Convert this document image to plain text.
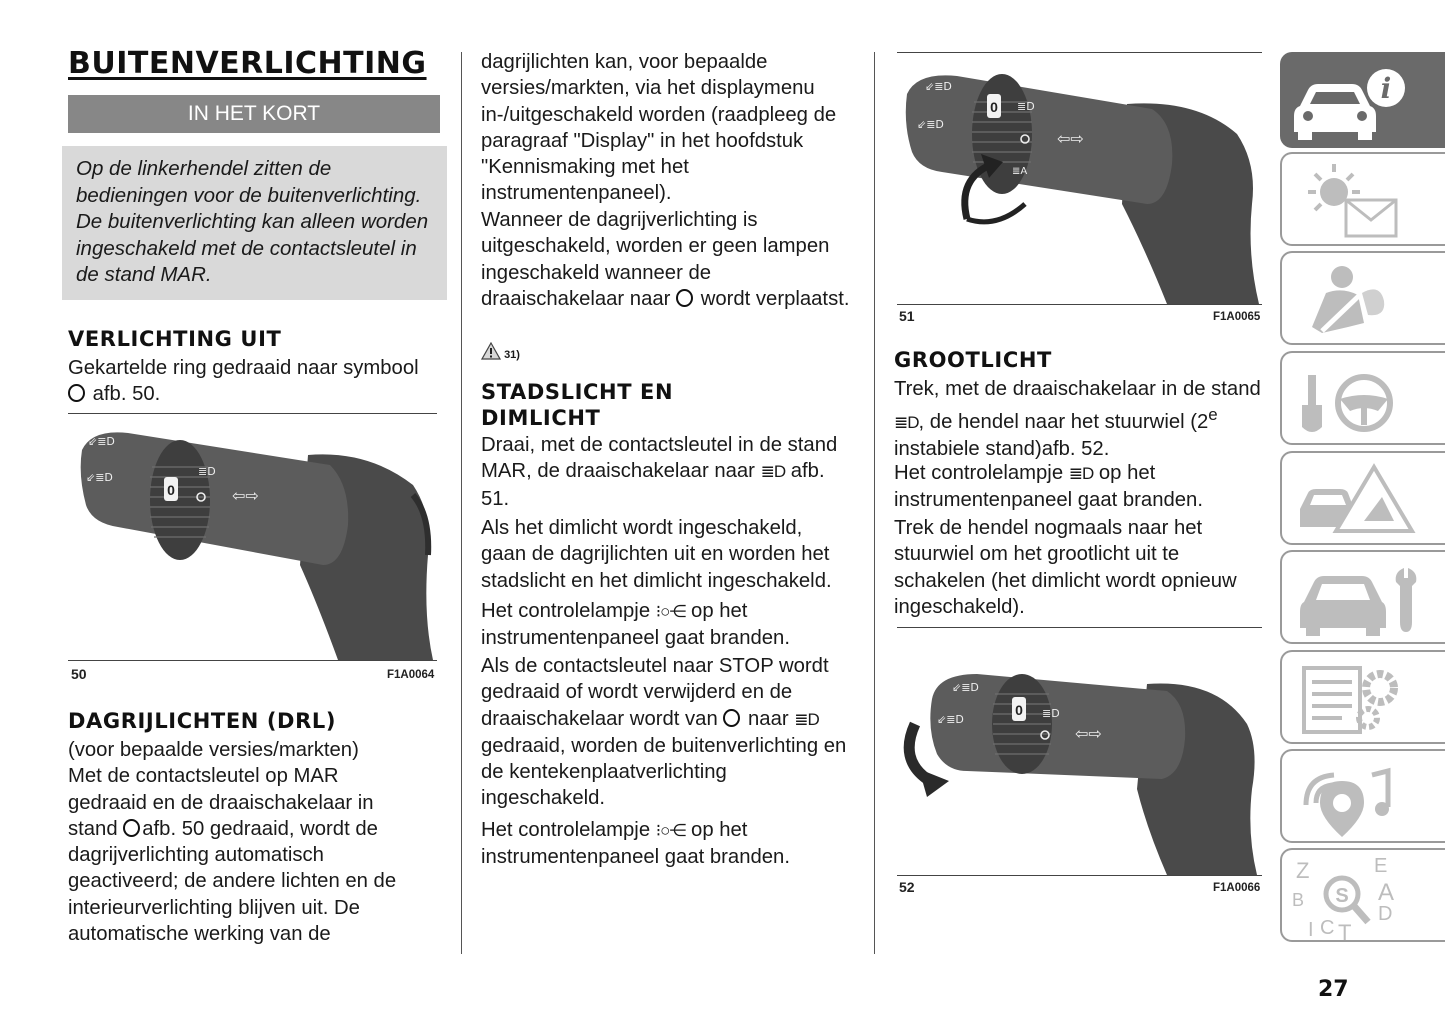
BUITENVERLICHTING
IN HET KORT
Op de linkerhendel zitten de bedieningen voor de buitenverlichting. De buitenverlichting kan alleen worden ingeschakeld met de contactsleutel in de stand MAR.
VERLICHTING UIT
Gekartelde ring gedraaid naar symbool
afb. 50.
0
⇙≣D
⇙≣D	≣D
⇦⇨
50	F1A0064
DAGRIJLICHTEN (DRL)
(voor bepaalde versies/markten)
Met de contactsleutel op MAR gedraaid en de draaischakelaar in stand afb. 50 gedraaid, wordt de dagrijverlichting automatisch geactiveerd; de andere lichten en de interieurverlichting blijven uit. De automatische werking van de
dagrijlichten kan, voor bepaalde versies/markten, via het displaymenu in-/uitgeschakeld worden (raadpleeg de paragraaf "Display" in het hoofdstuk "Kennismaking met het instrumentenpaneel).
Wanneer de dagrijverlichting is uitgeschakeld, worden er geen lampen ingeschakeld wanneer de draaischakelaar naar wordt verplaatst.
31)
STADSLICHT EN DIMLICHT
Draai, met de contactsleutel in de stand MAR, de draaischakelaar naar ≣D afb. 51.
Als het dimlicht wordt ingeschakeld, gaan de dagrijlichten uit en worden het stadslicht en het dimlicht ingeschakeld.
Het controlelampje ⁝○⋲ op het instrumentenpaneel gaat branden.
Als de contactsleutel naar STOP wordt gedraaid of wordt verwijderd en de draaischakelaar wordt van naar ≣D gedraaid, worden de buitenverlichting en de kentekenplaatverlichting ingeschakeld.
Het controlelampje ⁝○⋲ op het instrumentenpaneel gaat branden.
0
⇙≣D
⇙≣D
≣D
⇦⇨
≣A
51	F1A0065
GROOTLICHT
Trek, met de draaischakelaar in de stand
≣D, de hendel naar het stuurwiel (2e instabiele stand)afb. 52.
Het controlelampje ≣D op het instrumentenpaneel gaat branden.
Trek de hendel nogmaals naar het stuurwiel om het grootlicht uit te schakelen (het dimlicht wordt opnieuw ingeschakeld).
0
⇙≣D
⇙≣D	≣D
⇦⇨
52	F1A0066
i
Z	E
A
B
I C T
D
S
27
